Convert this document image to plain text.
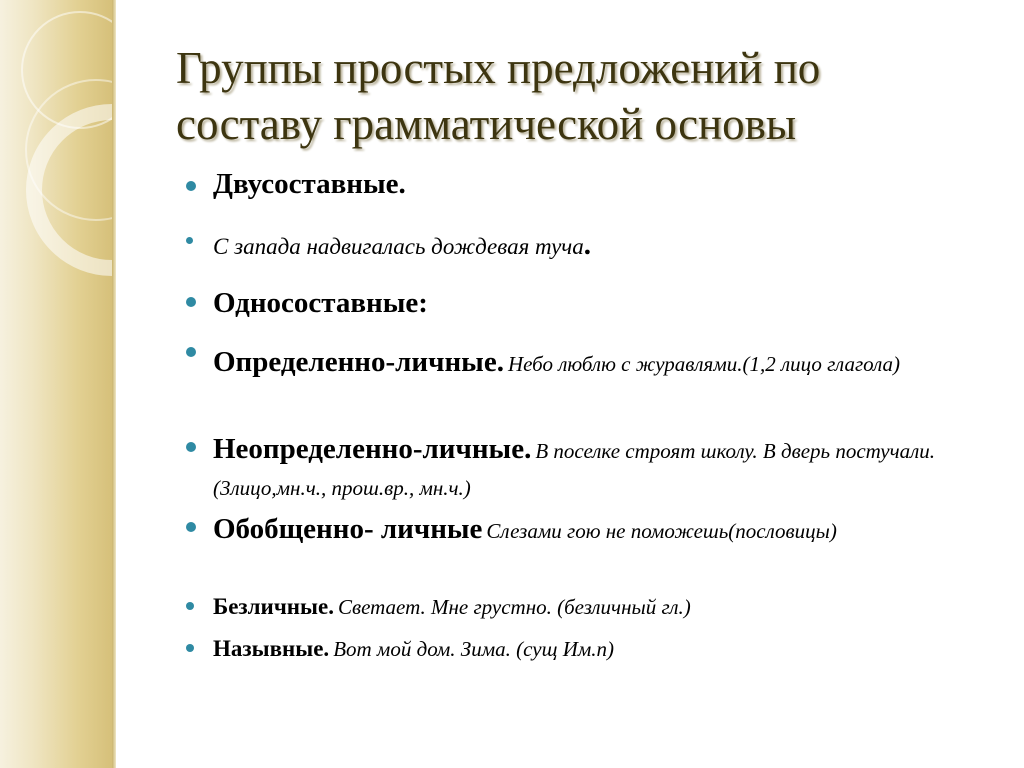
Группы простых предложений по составу грамматической основы
Двусоставные.
С запада надвигалась дождевая туча.
Односоставные:
Определенно-личные. Небо люблю с журавлями.(1,2 лицо глагола)
Неопределенно-личные. В поселке строят школу. В дверь постучали. (3лицо,мн.ч., прош.вр., мн.ч.)
Обобщенно- личные Слезами гою не поможешь(пословицы)
Безличные. Светает. Мне грустно. (безличный гл.)
Назывные. Вот мой дом. Зима. (сущ Им.п)
